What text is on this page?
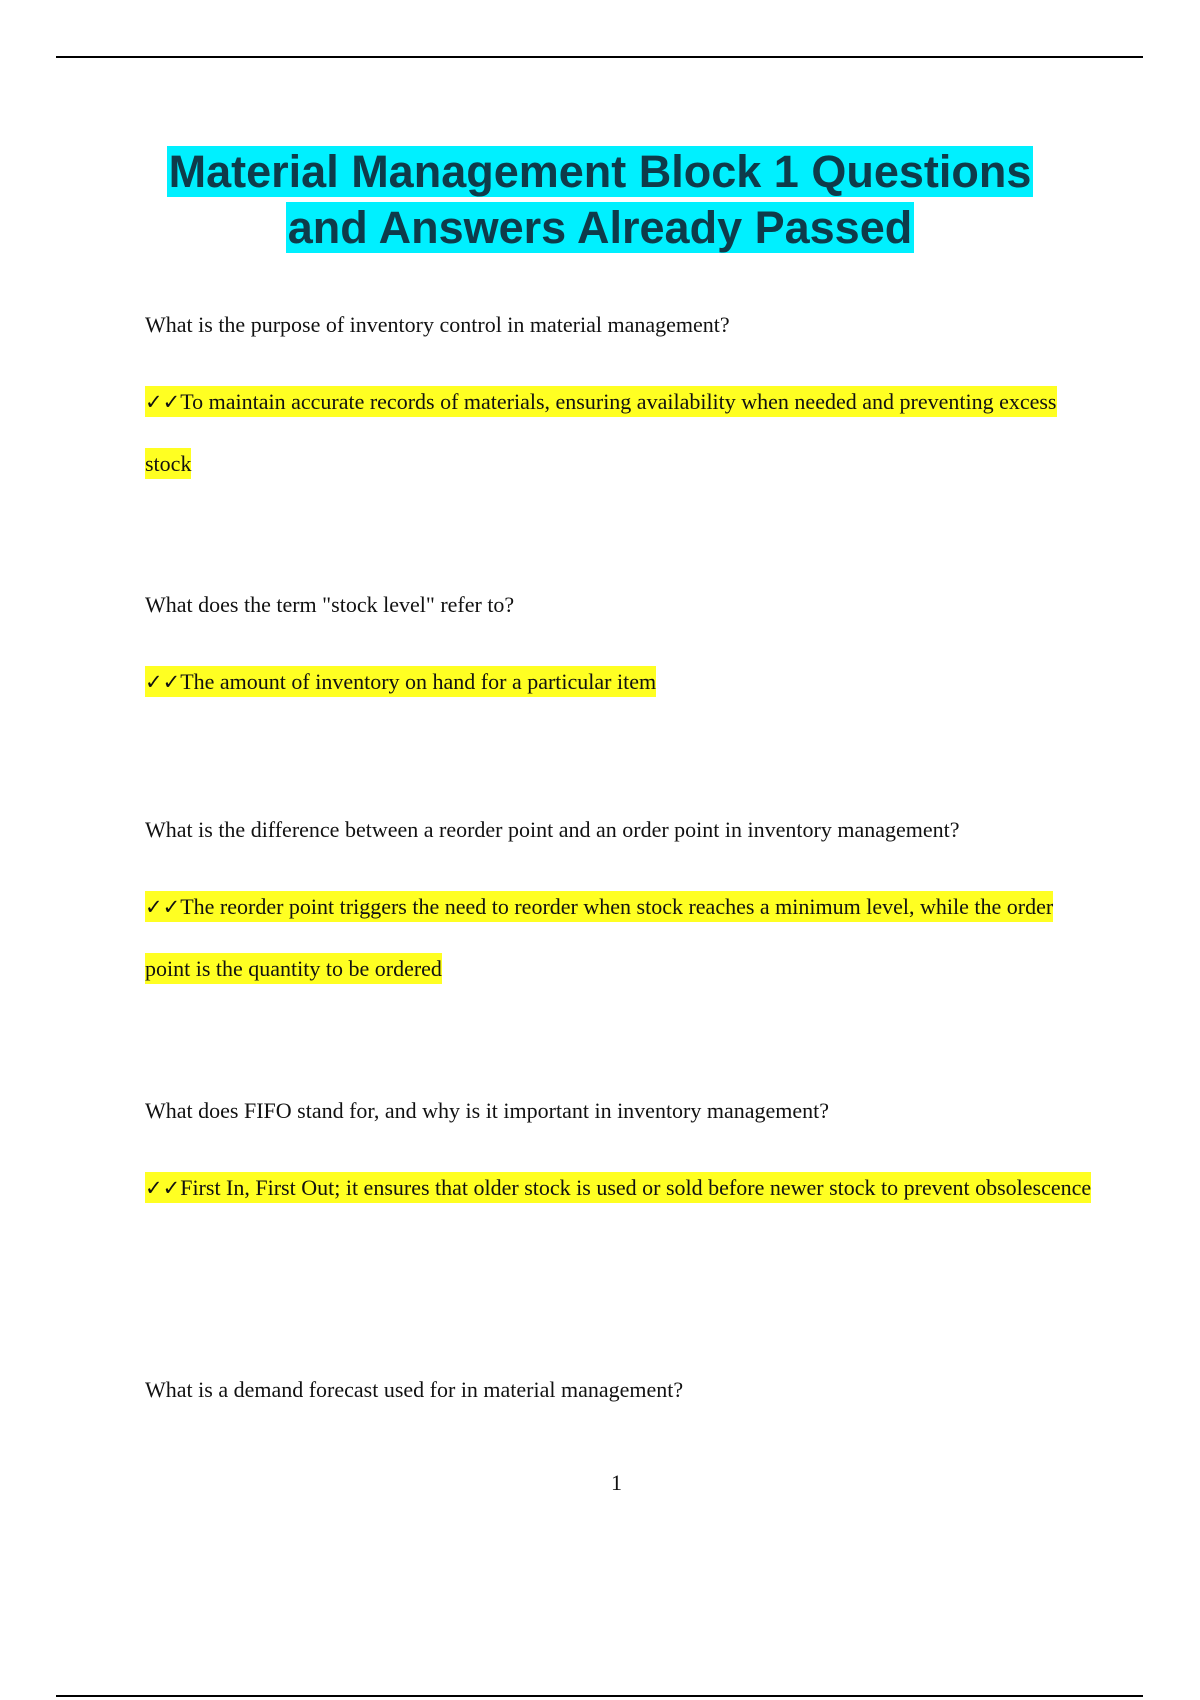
Material Management Block 1 Questions
and Answers Already Passed

What is the purpose of inventory control in material management?

✓✓To maintain accurate records of materials, ensuring availability when needed and preventing excess stock

What does the term "stock level" refer to?

✓✓The amount of inventory on hand for a particular item

What is the difference between a reorder point and an order point in inventory management?

✓✓The reorder point triggers the need to reorder when stock reaches a minimum level, while the order point is the quantity to be ordered

What does FIFO stand for, and why is it important in inventory management?

✓✓First In, First Out; it ensures that older stock is used or sold before newer stock to prevent obsolescence

What is a demand forecast used for in material management?

1
